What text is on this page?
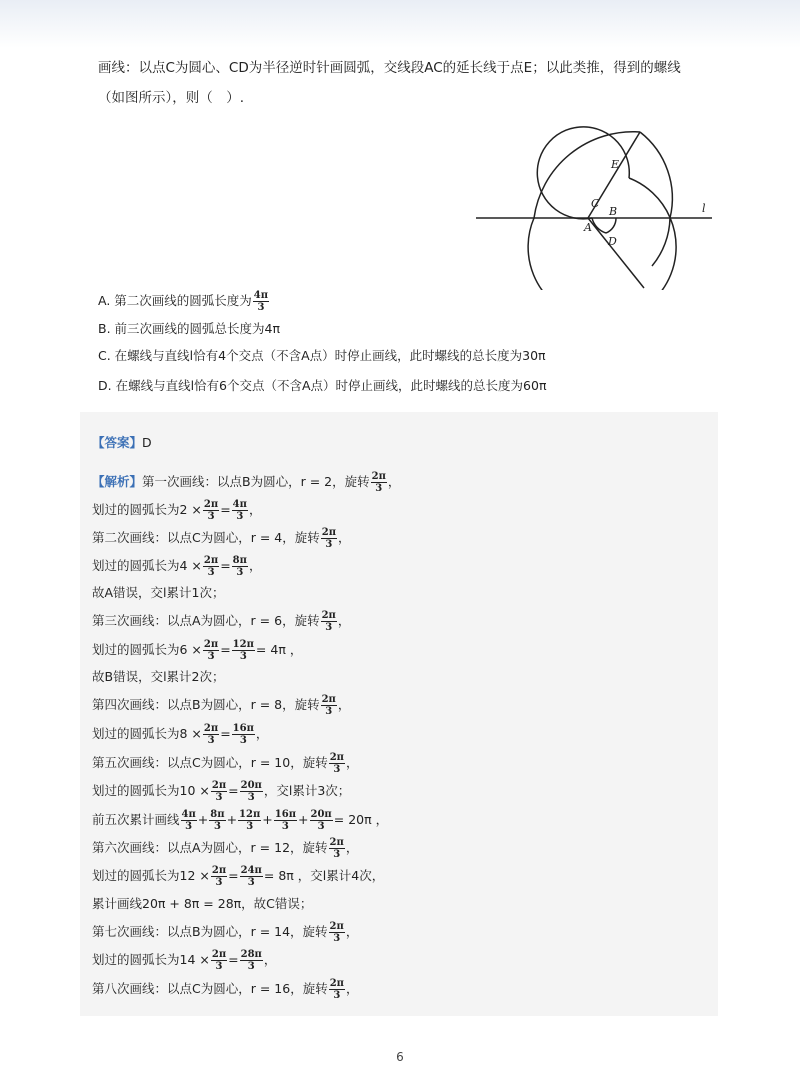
画线：以点C为圆心、CD为半径逆时针画圆弧，交线段AC的延长线于点E；以此类推，得到的螺线
（如图所示），则（　）.
E
C
B
A
D
l
A. 第二次画线的圆弧长度为 $\frac{4\pi}{3}$
B. 前三次画线的圆弧总长度为4π
C. 在螺线与直线l恰有4个交点（不含A点）时停止画线，此时螺线的总长度为30π
D. 在螺线与直线l恰有6个交点（不含A点）时停止画线，此时螺线的总长度为60π
【答案】 D
【解析】 第一次画线：以点B为圆心，r = 2，旋转 $\frac{2\pi}{3}$ ，
划过的圆弧长为$2 \times \frac{2\pi}{3} = \frac{4\pi}{3}$ ，
第二次画线：以点C为圆心，r = 4，旋转 $\frac{2\pi}{3}$ ，
划过的圆弧长为$4 \times \frac{2\pi}{3} = \frac{8\pi}{3}$ ，
故A错误，交l累计1次；
第三次画线：以点A为圆心，r = 6，旋转 $\frac{2\pi}{3}$ ，
划过的圆弧长为$6 \times \frac{2\pi}{3} = \frac{12\pi}{3} = 4\pi$ ，
故B错误，交l累计2次；
第四次画线：以点B为圆心，r = 8，旋转 $\frac{2\pi}{3}$ ，
划过的圆弧长为$8 \times \frac{2\pi}{3} = \frac{16\pi}{3}$ ，
第五次画线：以点C为圆心，r = 10，旋转 $\frac{2\pi}{3}$ ，
划过的圆弧长为$10 \times \frac{2\pi}{3} = \frac{20\pi}{3}$ ，交l累计3次；
前五次累计画线 $\frac{4\pi}{3} + \frac{8\pi}{3} + \frac{12\pi}{3} + \frac{16\pi}{3} + \frac{20\pi}{3} = 20\pi$ ，
第六次画线：以点A为圆心，r = 12，旋转 $\frac{2\pi}{3}$ ，
划过的圆弧长为$12 \times \frac{2\pi}{3} = \frac{24\pi}{3} = 8\pi$ ，交l累计4次，
累计画线20π + 8π = 28π，故C错误；
第七次画线：以点B为圆心，r = 14，旋转 $\frac{2\pi}{3}$ ，
划过的圆弧长为$14 \times \frac{2\pi}{3} = \frac{28\pi}{3}$ ，
第八次画线：以点C为圆心，r = 16，旋转 $\frac{2\pi}{3}$ ，
6
